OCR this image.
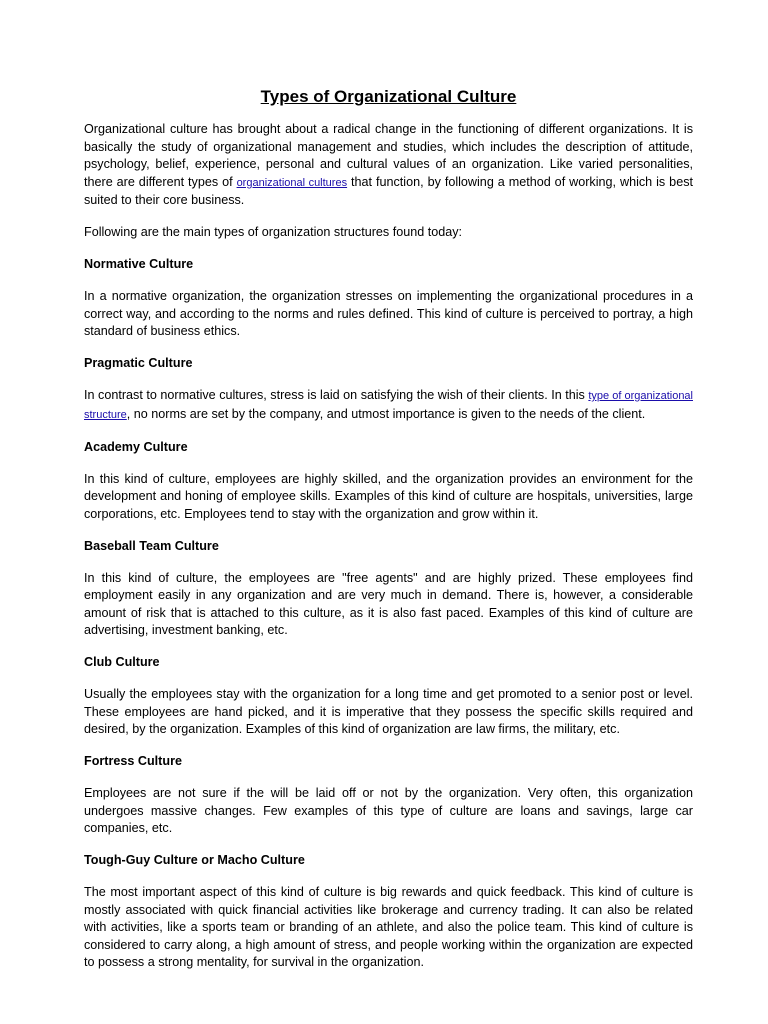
Types of Organizational Culture

Organizational culture has brought about a radical change in the functioning of different organizations. It is basically the study of organizational management and studies, which includes the description of attitude, psychology, belief, experience, personal and cultural values of an organization. Like varied personalities, there are different types of organizational cultures that function, by following a method of working, which is best suited to their core business.

Following are the main types of organization structures found today:

Normative Culture

In a normative organization, the organization stresses on implementing the organizational procedures in a correct way, and according to the norms and rules defined. This kind of culture is perceived to portray, a high standard of business ethics.

Pragmatic Culture

In contrast to normative cultures, stress is laid on satisfying the wish of their clients. In this type of organizational structure, no norms are set by the company, and utmost importance is given to the needs of the client.

Academy Culture

In this kind of culture, employees are highly skilled, and the organization provides an environment for the development and honing of employee skills. Examples of this kind of culture are hospitals, universities, large corporations, etc. Employees tend to stay with the organization and grow within it.

Baseball Team Culture

In this kind of culture, the employees are "free agents" and are highly prized. These employees find employment easily in any organization and are very much in demand. There is, however, a considerable amount of risk that is attached to this culture, as it is also fast paced. Examples of this kind of culture are advertising, investment banking, etc.

Club Culture

Usually the employees stay with the organization for a long time and get promoted to a senior post or level. These employees are hand picked, and it is imperative that they possess the specific skills required and desired, by the organization. Examples of this kind of organization are law firms, the military, etc.

Fortress Culture

Employees are not sure if the will be laid off or not by the organization. Very often, this organization undergoes massive changes. Few examples of this type of culture are loans and savings, large car companies, etc.

Tough-Guy Culture or Macho Culture

The most important aspect of this kind of culture is big rewards and quick feedback. This kind of culture is mostly associated with quick financial activities like brokerage and currency trading. It can also be related with activities, like a sports team or branding of an athlete, and also the police team. This kind of culture is considered to carry along, a high amount of stress, and people working within the organization are expected to possess a strong mentality, for survival in the organization.
